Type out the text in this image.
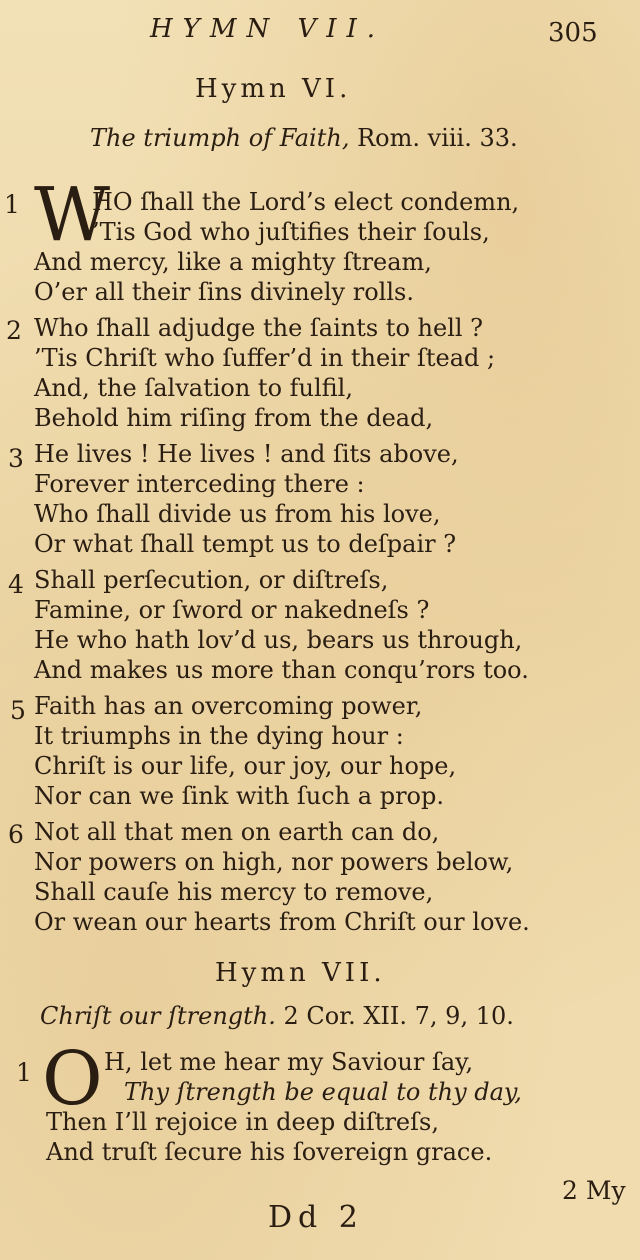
HYMN VII.	305
Hymn VI.
The triumph of Faith, Rom. viii. 33.
1 W
HO ſhall the Lord’s elect condemn,
’Tis God who juſtifies their ſouls,
And mercy, like a mighty ſtream,
O’er all their ſins divinely rolls.
2 Who ſhall adjudge the ſaints to hell ?
’Tis Chriſt who ſuffer’d in their ſtead ;
And, the ſalvation to fulfil,
Behold him riſing from the dead,
3 He lives ! He lives ! and ſits above,
Forever interceding there :
Who ſhall divide us from his love,
Or what ſhall tempt us to deſpair ?
4 Shall perſecution, or diſtreſs,
Famine, or ſword or nakedneſs ?
He who hath lov’d us, bears us through,
And makes us more than conqu’rors too.
5 Faith has an overcoming power,
It triumphs in the dying hour :
Chriſt is our life, our joy, our hope,
Nor can we ſink with ſuch a prop.
6 Not all that men on earth can do,
Nor powers on high, nor powers below,
Shall cauſe his mercy to remove,
Or wean our hearts from Chriſt our love.
Hymn VII.
Chriſt our ſtrength. 2 Cor. XII. 7, 9, 10.
1 O H, let me hear my Saviour ſay,
Thy ſtrength be equal to thy day,
Then I’ll rejoice in deep diſtreſs,
And truſt ſecure his ſovereign grace.
2 My
Dd 2
